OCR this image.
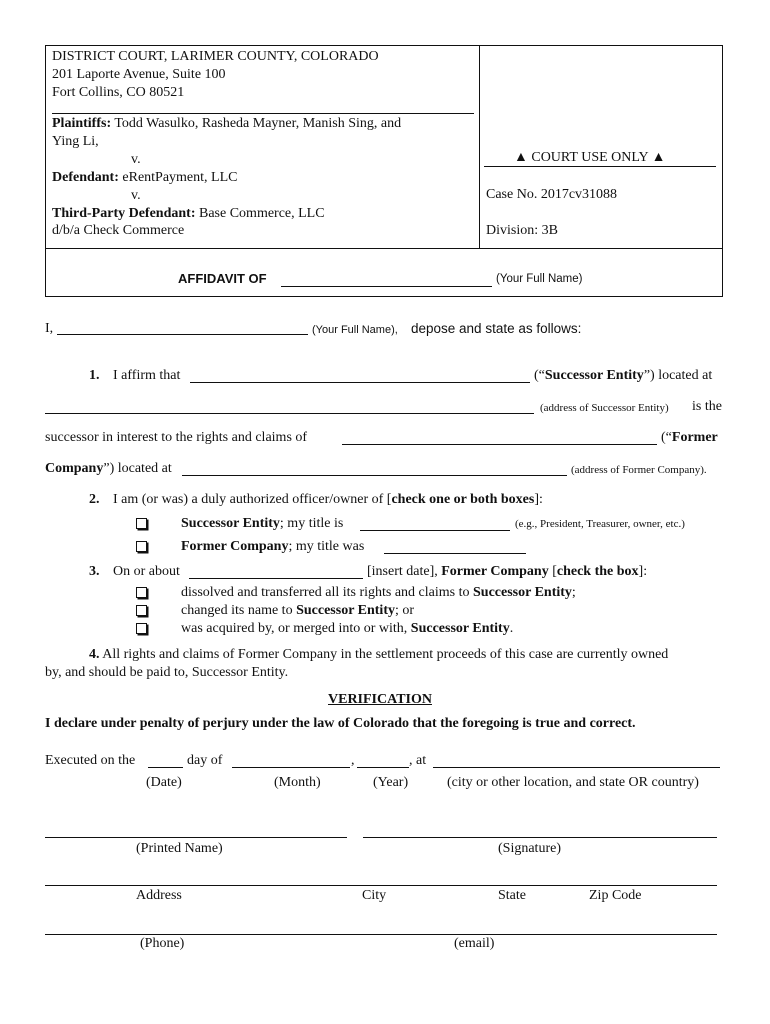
DISTRICT COURT, LARIMER COUNTY, COLORADO
201 Laporte Avenue, Suite 100
Fort Collins, CO 80521
Plaintiffs: Todd Wasulko, Rasheda Mayner, Manish Sing, and
Ying Li,
v.
Defendant: eRentPayment, LLC
v.
Third-Party Defendant: Base Commerce, LLC
d/b/a Check Commerce
▲ COURT USE ONLY ▲
Case No. 2017cv31088
Division: 3B
AFFIDAVIT OF	(Your Full Name)
I,	(Your Full Name), depose and state as follows:
1. I affirm that	(“Successor Entity”) located at
(address of Successor Entity) is the
successor in interest to the rights and claims of	(“Former
Company”) located at	(address of Former Company).
2. I am (or was) a duly authorized officer/owner of [check one or both boxes]:
Successor Entity; my title is	(e.g., President, Treasurer, owner, etc.)
Former Company; my title was
3. On or about	[insert date], Former Company [check the box]:
dissolved and transferred all its rights and claims to Successor Entity;
changed its name to Successor Entity; or
was acquired by, or merged into or with, Successor Entity.
4. All rights and claims of Former Company in the settlement proceeds of this case are currently owned
by, and should be paid to, Successor Entity.
VERIFICATION
I declare under penalty of perjury under the law of Colorado that the foregoing is true and correct.
Executed on the	day of	,	, at
(Date)	(Month)	(Year)	(city or other location, and state OR country)
(Printed Name)	(Signature)
Address	City	State	Zip Code
(Phone)	(email)
